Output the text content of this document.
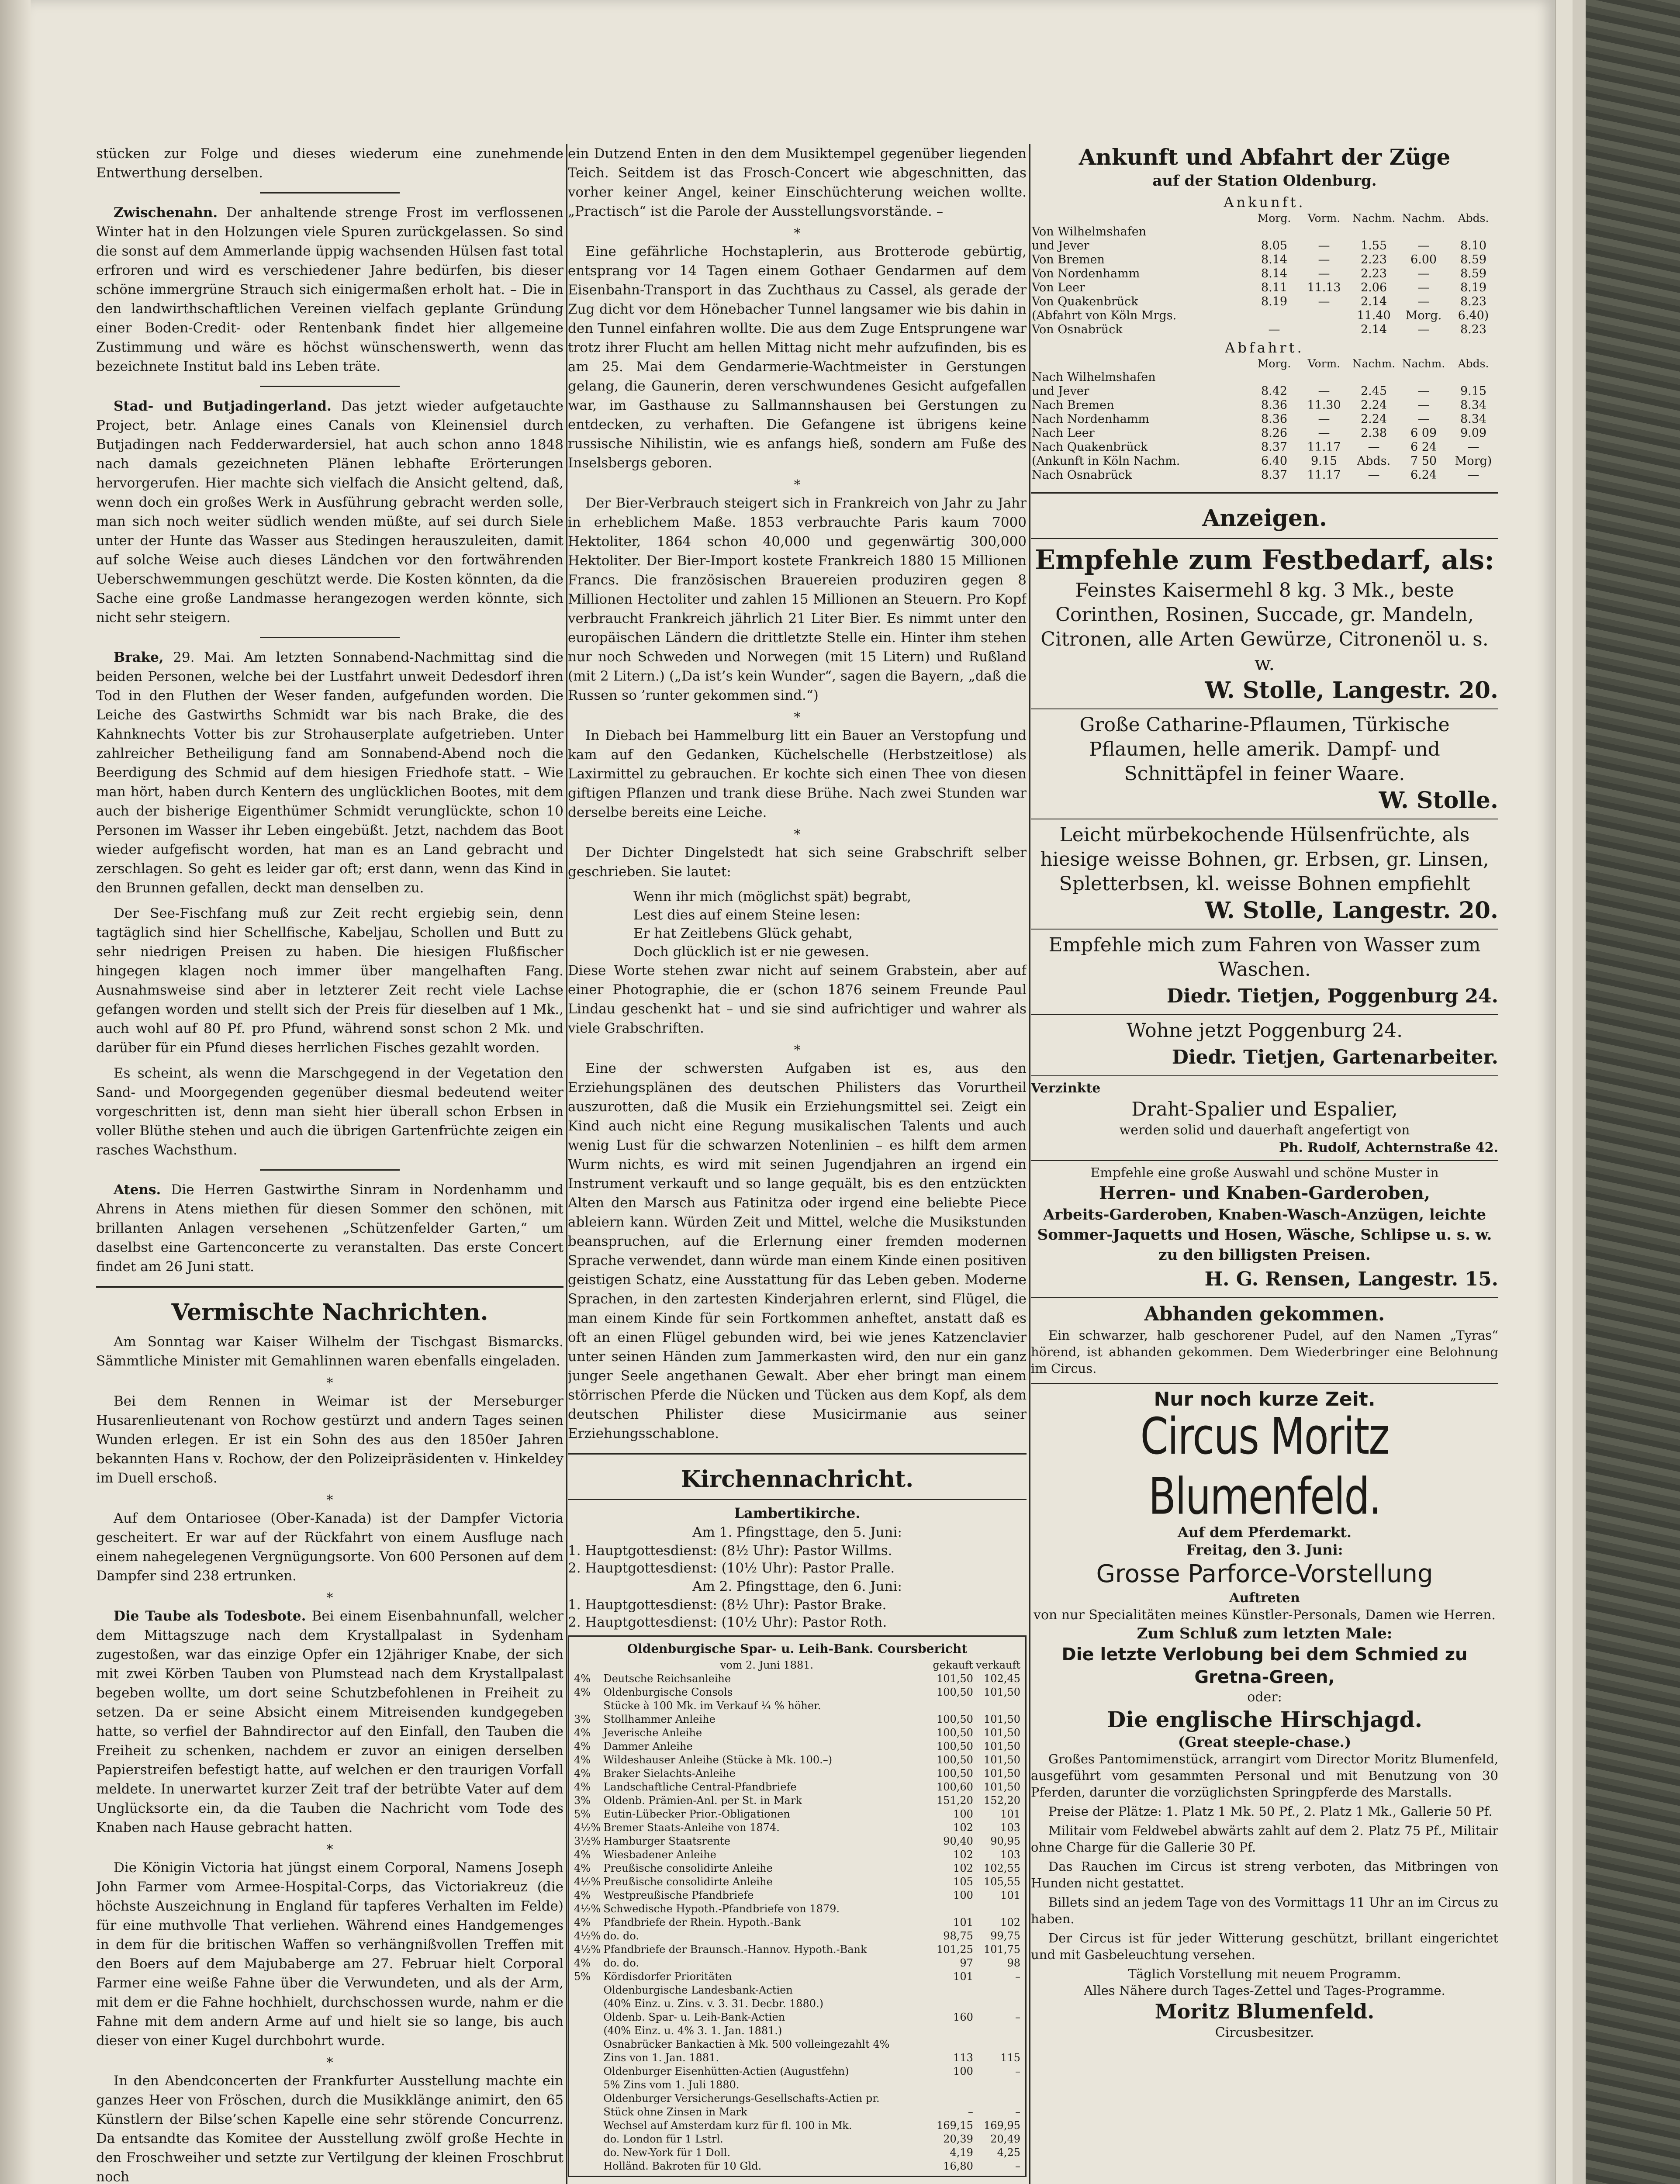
stücken zur Folge und dieses wiederum eine zunehmende Entwerthung derselben.

Zwischenahn. Der anhaltende strenge Frost im verflossenen Winter hat in den Holzungen viele Spuren zurückgelassen. So sind die sonst auf dem Ammerlande üppig wachsenden Hülsen fast total erfroren und wird es verschiedener Jahre bedürfen, bis dieser schöne immergrüne Strauch sich einigermaßen erholt hat. – Die in den landwirthschaftlichen Vereinen vielfach geplante Gründung einer Boden-Credit- oder Rentenbank findet hier allgemeine Zustimmung und wäre es höchst wünschenswerth, wenn das bezeichnete Institut bald ins Leben träte.

Stad- und Butjadingerland. Das jetzt wieder aufgetauchte Project, betr. Anlage eines Canals von Kleinensiel durch Butjadingen nach Fedderwardersiel, hat auch schon anno 1848 nach damals gezeichneten Plänen lebhafte Erörterungen hervorgerufen. Hier machte sich vielfach die Ansicht geltend, daß, wenn doch ein großes Werk in Ausführung gebracht werden solle, man sich noch weiter südlich wenden müßte, auf sei durch Siele unter der Hunte das Wasser aus Stedingen herauszuleiten, damit auf solche Weise auch dieses Ländchen vor den fortwährenden Ueberschwemmungen geschützt werde. Die Kosten könnten, da die Sache eine große Landmasse herangezogen werden könnte, sich nicht sehr steigern.

Brake, 29. Mai. Am letzten Sonnabend-Nachmittag sind die beiden Personen, welche bei der Lustfahrt unweit Dedesdorf ihren Tod in den Fluthen der Weser fanden, aufgefunden worden. Die Leiche des Gastwirths Schmidt war bis nach Brake, die des Kahnknechts Votter bis zur Strohauserplate aufgetrieben. Unter zahlreicher Betheiligung fand am Sonnabend-Abend noch die Beerdigung des Schmid auf dem hiesigen Friedhofe statt. – Wie man hört, haben durch Kentern des unglücklichen Bootes, mit dem auch der bisherige Eigenthümer Schmidt verunglückte, schon 10 Personen im Wasser ihr Leben eingebüßt. Jetzt, nachdem das Boot wieder aufgefischt worden, hat man es an Land gebracht und zerschlagen. So geht es leider gar oft; erst dann, wenn das Kind in den Brunnen gefallen, deckt man denselben zu.

Der See-Fischfang muß zur Zeit recht ergiebig sein, denn tagtäglich sind hier Schellfische, Kabeljau, Schollen und Butt zu sehr niedrigen Preisen zu haben. Die hiesigen Flußfischer hingegen klagen noch immer über mangelhaften Fang. Ausnahmsweise sind aber in letzterer Zeit recht viele Lachse gefangen worden und stellt sich der Preis für dieselben auf 1 Mk., auch wohl auf 80 Pf. pro Pfund, während sonst schon 2 Mk. und darüber für ein Pfund dieses herrlichen Fisches gezahlt worden.

Es scheint, als wenn die Marschgegend in der Vegetation den Sand- und Moorgegenden gegenüber diesmal bedeutend weiter vorgeschritten ist, denn man sieht hier überall schon Erbsen in voller Blüthe stehen und auch die übrigen Gartenfrüchte zeigen ein rasches Wachsthum.

Atens. Die Herren Gastwirthe Sinram in Nordenhamm und Ahrens in Atens miethen für diesen Sommer den schönen, mit brillanten Anlagen versehenen „Schützenfelder Garten,“ um daselbst eine Gartenconcerte zu veranstalten. Das erste Concert findet am 26 Juni statt.

Vermischte Nachrichten.

Am Sonntag war Kaiser Wilhelm der Tischgast Bismarcks. Sämmtliche Minister mit Gemahlinnen waren ebenfalls eingeladen.

*

Bei dem Rennen in Weimar ist der Merseburger Husarenlieutenant von Rochow gestürzt und andern Tages seinen Wunden erlegen. Er ist ein Sohn des aus den 1850er Jahren bekannten Hans v. Rochow, der den Polizeipräsidenten v. Hinkeldey im Duell erschoß.

*

Auf dem Ontariosee (Ober-Kanada) ist der Dampfer Victoria gescheitert. Er war auf der Rückfahrt von einem Ausfluge nach einem nahegelegenen Vergnügungsorte. Von 600 Personen auf dem Dampfer sind 238 ertrunken.

*

Die Taube als Todesbote. Bei einem Eisenbahnunfall, welcher dem Mittagszuge nach dem Krystallpalast in Sydenham zugestoßen, war das einzige Opfer ein 12jähriger Knabe, der sich mit zwei Körben Tauben von Plumstead nach dem Krystallpalast begeben wollte, um dort seine Schutzbefohlenen in Freiheit zu setzen. Da er seine Absicht einem Mitreisenden kundgegeben hatte, so verfiel der Bahndirector auf den Einfall, den Tauben die Freiheit zu schenken, nachdem er zuvor an einigen derselben Papierstreifen befestigt hatte, auf welchen er den traurigen Vorfall meldete. In unerwartet kurzer Zeit traf der betrübte Vater auf dem Unglücksorte ein, da die Tauben die Nachricht vom Tode des Knaben nach Hause gebracht hatten.

*

Die Königin Victoria hat jüngst einem Corporal, Namens Joseph John Farmer vom Armee-Hospital-Corps, das Victoriakreuz (die höchste Auszeichnung in England für tapferes Verhalten im Felde) für eine muthvolle That verliehen. Während eines Handgemenges in dem für die britischen Waffen so verhängnißvollen Treffen mit den Boers auf dem Majubaberge am 27. Februar hielt Corporal Farmer eine weiße Fahne über die Verwundeten, und als der Arm, mit dem er die Fahne hochhielt, durchschossen wurde, nahm er die Fahne mit dem andern Arme auf und hielt sie so lange, bis auch dieser von einer Kugel durchbohrt wurde.

*

In den Abendconcerten der Frankfurter Ausstellung machte ein ganzes Heer von Fröschen, durch die Musikklänge animirt, den 65 Künstlern der Bilse’schen Kapelle eine sehr störende Concurrenz. Da entsandte das Komitee der Ausstellung zwölf große Hechte in den Froschweiher und setzte zur Vertilgung der kleinen Froschbrut noch

ein Dutzend Enten in den dem Musiktempel gegenüber liegenden Teich. Seitdem ist das Frosch-Concert wie abgeschnitten, das vorher keiner Angel, keiner Einschüchterung weichen wollte. „Practisch“ ist die Parole der Ausstellungsvorstände. –

*

Eine gefährliche Hochstaplerin, aus Brotterode gebürtig, entsprang vor 14 Tagen einem Gothaer Gendarmen auf dem Eisenbahn-Transport in das Zuchthaus zu Cassel, als gerade der Zug dicht vor dem Hönebacher Tunnel langsamer wie bis dahin in den Tunnel einfahren wollte. Die aus dem Zuge Entsprungene war trotz ihrer Flucht am hellen Mittag nicht mehr aufzufinden, bis es am 25. Mai dem Gendarmerie-Wachtmeister in Gerstungen gelang, die Gaunerin, deren verschwundenes Gesicht aufgefallen war, im Gasthause zu Sallmannshausen bei Gerstungen zu entdecken, zu verhaften. Die Gefangene ist übrigens keine russische Nihilistin, wie es anfangs hieß, sondern am Fuße des Inselsbergs geboren.

*

Der Bier-Verbrauch steigert sich in Frankreich von Jahr zu Jahr in erheblichem Maße. 1853 verbrauchte Paris kaum 7000 Hektoliter, 1864 schon 40,000 und gegenwärtig 300,000 Hektoliter. Der Bier-Import kostete Frankreich 1880 15 Millionen Francs. Die französischen Brauereien produziren gegen 8 Millionen Hectoliter und zahlen 15 Millionen an Steuern. Pro Kopf verbraucht Frankreich jährlich 21 Liter Bier. Es nimmt unter den europäischen Ländern die drittletzte Stelle ein. Hinter ihm stehen nur noch Schweden und Norwegen (mit 15 Litern) und Rußland (mit 2 Litern.) („Da ist’s kein Wunder“, sagen die Bayern, „daß die Russen so ’runter gekommen sind.“)

*

In Diebach bei Hammelburg litt ein Bauer an Verstopfung und kam auf den Gedanken, Küchelschelle (Herbstzeitlose) als Laxirmittel zu gebrauchen. Er kochte sich einen Thee von diesen giftigen Pflanzen und trank diese Brühe. Nach zwei Stunden war derselbe bereits eine Leiche.

*

Der Dichter Dingelstedt hat sich seine Grabschrift selber geschrieben. Sie lautet:

Wenn ihr mich (möglichst spät) begrabt,

Lest dies auf einem Steine lesen:

Er hat Zeitlebens Glück gehabt,

Doch glücklich ist er nie gewesen.

Diese Worte stehen zwar nicht auf seinem Grabstein, aber auf einer Photographie, die er (schon 1876 seinem Freunde Paul Lindau geschenkt hat – und sie sind aufrichtiger und wahrer als viele Grabschriften.

*

Eine der schwersten Aufgaben ist es, aus den Erziehungsplänen des deutschen Philisters das Vorurtheil auszurotten, daß die Musik ein Erziehungsmittel sei. Zeigt ein Kind auch nicht eine Regung musikalischen Talents und auch wenig Lust für die schwarzen Notenlinien – es hilft dem armen Wurm nichts, es wird mit seinen Jugendjahren an irgend ein Instrument verkauft und so lange gequält, bis es den entzückten Alten den Marsch aus Fatinitza oder irgend eine beliebte Piece ableiern kann. Würden Zeit und Mittel, welche die Musikstunden beanspruchen, auf die Erlernung einer fremden modernen Sprache verwendet, dann würde man einem Kinde einen positiven geistigen Schatz, eine Ausstattung für das Leben geben. Moderne Sprachen, in den zartesten Kinderjahren erlernt, sind Flügel, die man einem Kinde für sein Fortkommen anheftet, anstatt daß es oft an einen Flügel gebunden wird, bei wie jenes Katzenclavier unter seinen Händen zum Jammerkasten wird, den nur ein ganz junger Seele angethanen Gewalt. Aber eher bringt man einem störrischen Pferde die Nücken und Tücken aus dem Kopf, als dem deutschen Philister diese Musicirmanie aus seiner Erziehungsschablone.

Kirchennachricht.

Lambertikirche.

Am 1. Pfingsttage, den 5. Juni:

1. Hauptgottesdienst: (8½ Uhr): Pastor Willms.

2. Hauptgottesdienst: (10½ Uhr): Pastor Pralle.

Am 2. Pfingsttage, den 6. Juni:

1. Hauptgottesdienst: (8½ Uhr): Pastor Brake.

2. Hauptgottesdienst: (10½ Uhr): Pastor Roth.

Oldenburgische Spar- u. Leih-Bank. Coursbericht

	vom 2. Juni 1881.	gekauft	verkauft
4%	Deutsche Reichsanleihe	101,50	102,45
4%	Oldenburgische Consols	100,50	101,50
	Stücke à 100 Mk. im Verkauf ¼ % höher.		
3%	Stollhammer Anleihe	100,50	101,50
4%	Jeverische Anleihe	100,50	101,50
4%	Dammer Anleihe	100,50	101,50
4%	Wildeshauser Anleihe (Stücke à Mk. 100.–)	100,50	101,50
4%	Braker Sielachts-Anleihe	100,50	101,50
4%	Landschaftliche Central-Pfandbriefe	100,60	101,50
3%	Oldenb. Prämien-Anl. per St. in Mark	151,20	152,20
5%	Eutin-Lübecker Prior.-Obligationen	100	101
4½%	Bremer Staats-Anleihe von 1874.	102	103
3½%	Hamburger Staatsrente	90,40	90,95
4%	Wiesbadener Anleihe	102	103
4%	Preußische consolidirte Anleihe	102	102,55
4½%	Preußische consolidirte Anleihe	105	105,55
4%	Westpreußische Pfandbriefe	100	101
4½%	Schwedische Hypoth.-Pfandbriefe von 1879.		
4%	Pfandbriefe der Rhein. Hypoth.-Bank	101	102
4½%	do. do.	98,75	99,75
4½%	Pfandbriefe der Braunsch.-Hannov. Hypoth.-Bank	101,25	101,75
4%	do. do.	97	98
5%	Kördisdorfer Prioritäten	101	–
	Oldenburgische Landesbank-Actien		
	(40% Einz. u. Zins. v. 3. 31. Decbr. 1880.)		
	Oldenb. Spar- u. Leih-Bank-Actien	160	–
	(40% Einz. u. 4% 3. 1. Jan. 1881.)		
	Osnabrücker Bankactien à Mk. 500 volleingezahlt 4%		
	Zins von 1. Jan. 1881.	113	115
	Oldenburger Eisenhütten-Actien (Augustfehn)	100	–
	5% Zins vom 1. Juli 1880.		
	Oldenburger Versicherungs-Gesellschafts-Actien pr.		
	Stück ohne Zinsen in Mark	–	–
	Wechsel auf Amsterdam kurz für fl. 100 in Mk.	169,15	169,95
	do. London für 1 Lstrl.	20,39	20,49
	do. New-York für 1 Doll.	4,19	4,25
	Holländ. Bakroten für 10 Gld.	16,80	–
Ankunft und Abfahrt der Züge
auf der Station Oldenburg.
Ankunft.
	Morg.	Vorm.	Nachm.	Nachm.	Abds.
Von Wilhelmshafen					
und Jever	8.05	—	1.55	—	8.10
Von Bremen	8.14	—	2.23	6.00	8.59
Von Nordenhamm	8.14	—	2.23	—	8.59
Von Leer	8.11	11.13	2.06	—	8.19
Von Quakenbrück	8.19	—	2.14	—	8.23
(Abfahrt von Köln Mrgs.			11.40	Morg.	6.40)
Von Osnabrück	—		2.14	—	8.23
Abfahrt.
	Morg.	Vorm.	Nachm.	Nachm.	Abds.
Nach Wilhelmshafen					
und Jever	8.42	—	2.45	—	9.15
Nach Bremen	8.36	11.30	2.24	—	8.34
Nach Nordenhamm	8.36	—	2.24	—	8.34
Nach Leer	8.26	—	2.38	6 09	9.09
Nach Quakenbrück	8.37	11.17	—	6 24	—
(Ankunft in Köln Nachm.	6.40	9.15	Abds.	7 50	Morg)
Nach Osnabrück	8.37	11.17	—	6.24	—
Anzeigen.

Empfehle zum Festbedarf, als:

Feinstes Kaisermehl 8 kg. 3 Mk., beste

Corinthen, Rosinen, Succade, gr. Mandeln, Citronen, alle Arten Gewürze, Citronenöl u. s. w.

W. Stolle, Langestr. 20.

Große Catharine-Pflaumen, Türkische Pflaumen, helle amerik. Dampf- und Schnittäpfel in feiner Waare.

W. Stolle.

Leicht mürbekochende Hülsenfrüchte, als hiesige weisse Bohnen, gr. Erbsen, gr. Linsen, Spletterbsen, kl. weisse Bohnen empfiehlt

W. Stolle, Langestr. 20.

Empfehle mich zum Fahren von Wasser zum Waschen.

Diedr. Tietjen, Poggenburg 24.

Wohne jetzt Poggenburg 24.

Diedr. Tietjen, Gartenarbeiter.

Verzinkte

Draht-Spalier und Espalier,

werden solid und dauerhaft angefertigt von

Ph. Rudolf, Achternstraße 42.

Empfehle eine große Auswahl und schöne Muster in

Herren- und Knaben-Garderoben,

Arbeits-Garderoben, Knaben-Wasch-Anzügen, leichte Sommer-Jaquetts und Hosen, Wäsche, Schlipse u. s. w. zu den billigsten Preisen.

H. G. Rensen, Langestr. 15.

Abhanden gekommen.

Ein schwarzer, halb geschorener Pudel, auf den Namen „Tyras“ hörend, ist abhanden gekommen. Dem Wiederbringer eine Belohnung im Circus.

Nur noch kurze Zeit.

Circus Moritz Blumenfeld.

Auf dem Pferdemarkt.

Freitag, den 3. Juni:

Grosse Parforce-Vorstellung

Auftreten

von nur Specialitäten meines Künstler-Personals, Damen wie Herren.

Zum Schluß zum letzten Male:

Die letzte Verlobung bei dem Schmied zu Gretna-Green,

oder:

Die englische Hirschjagd.

(Great steeple-chase.)

Großes Pantomimenstück, arrangirt vom Director Moritz Blumenfeld, ausgeführt vom gesammten Personal und mit Benutzung von 30 Pferden, darunter die vorzüglichsten Springpferde des Marstalls.

Preise der Plätze: 1. Platz 1 Mk. 50 Pf., 2. Platz 1 Mk., Gallerie 50 Pf.

Militair vom Feldwebel abwärts zahlt auf dem 2. Platz 75 Pf., Militair ohne Charge für die Gallerie 30 Pf.

Das Rauchen im Circus ist streng verboten, das Mitbringen von Hunden nicht gestattet.

Billets sind an jedem Tage von des Vormittags 11 Uhr an im Circus zu haben.

Der Circus ist für jeder Witterung geschützt, brillant eingerichtet und mit Gasbeleuchtung versehen.

Täglich Vorstellung mit neuem Programm.

Alles Nähere durch Tages-Zettel und Tages-Programme.

Moritz Blumenfeld.

Circusbesitzer.
